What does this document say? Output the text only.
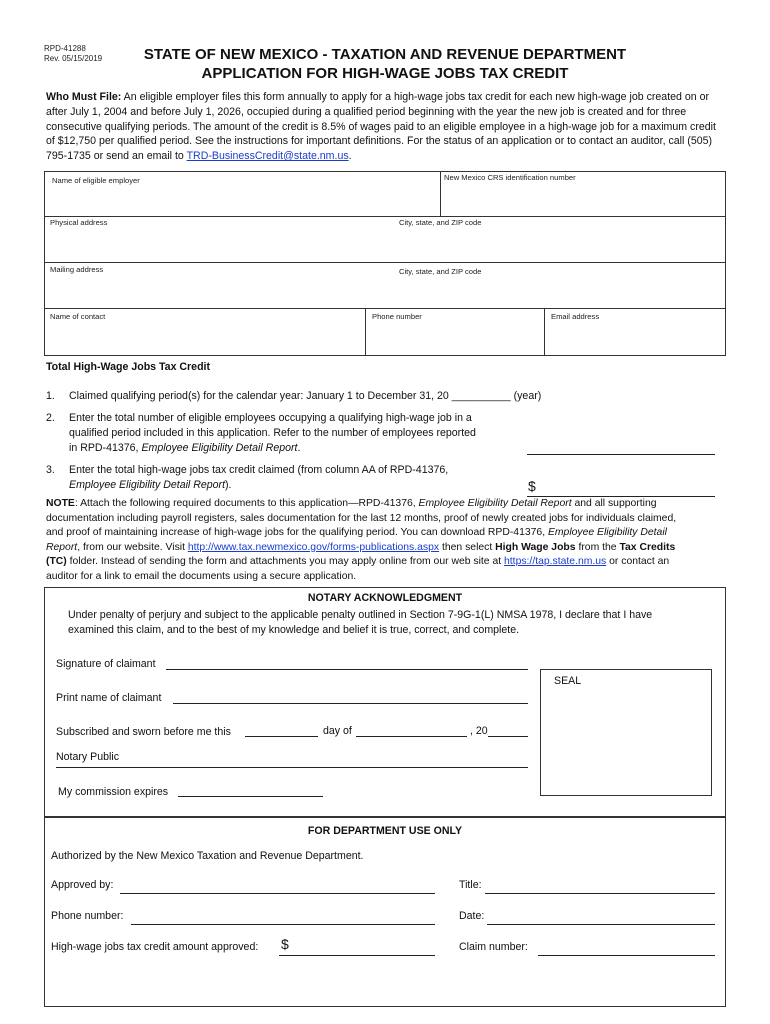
RPD-41288
Rev. 05/15/2019	STATE OF NEW MEXICO - TAXATION AND REVENUE DEPARTMENT
APPLICATION FOR HIGH-WAGE JOBS TAX CREDIT
Who Must File: An eligible employer files this form annually to apply for a high-wage jobs tax credit for each new high-wage job created on or after July 1, 2004 and before July 1, 2026, occupied during a qualified period beginning with the year the new job is created and for three consecutive qualifying periods. The amount of the credit is 8.5% of wages paid to an eligible employee in a high-wage job for a maximum credit of $12,750 per qualified period. See the instructions for important definitions. For the status of an application or to contact an auditor, call (505) 795-1735 or send an email to TRD-BusinessCredit@state.nm.us.
Name of eligible employer	New Mexico CRS identification number
Physical address	City, state, and ZIP code
Mailing address	City, state, and ZIP code
Name of contact	Phone number	Email address
Total High-Wage Jobs Tax Credit
1. Claimed qualifying period(s) for the calendar year: January 1 to December 31, 20 __________ (year)
2. Enter the total number of eligible employees occupying a qualifying high-wage job in a
qualified period included in this application. Refer to the number of employees reported
in RPD-41376, Employee Eligibility Detail Report.
3. Enter the total high-wage jobs tax credit claimed (from column AA of RPD-41376,
Employee Eligibility Detail Report).	$
NOTE: Attach the following required documents to this application—RPD-41376, Employee Eligibility Detail Report and all supporting
documentation including payroll registers, sales documentation for the last 12 months, proof of newly created jobs for individuals claimed,
and proof of maintaining increase of high-wage jobs for the qualifying period. You can download RPD-41376, Employee Eligibility Detail
Report, from our website. Visit http://www.tax.newmexico.gov/forms-publications.aspx then select High Wage Jobs from the Tax Credits
(TC) folder. Instead of sending the form and attachments you may apply online from our web site at https://tap.state.nm.us or contact an
auditor for a link to email the documents using a secure application.
NOTARY ACKNOWLEDGMENT
Under penalty of perjury and subject to the applicable penalty outlined in Section 7-9G-1(L) NMSA 1978, I declare that I have
examined this claim, and to the best of my knowledge and belief it is true, correct, and complete.
Signature of claimant
SEAL
Print name of claimant
Subscribed and sworn before me this	day of	, 20
Notary Public
My commission expires
FOR DEPARTMENT USE ONLY
Authorized by the New Mexico Taxation and Revenue Department.
Approved by:	Title:
Phone number:	Date:
High-wage jobs tax credit amount approved: $	Claim number:
